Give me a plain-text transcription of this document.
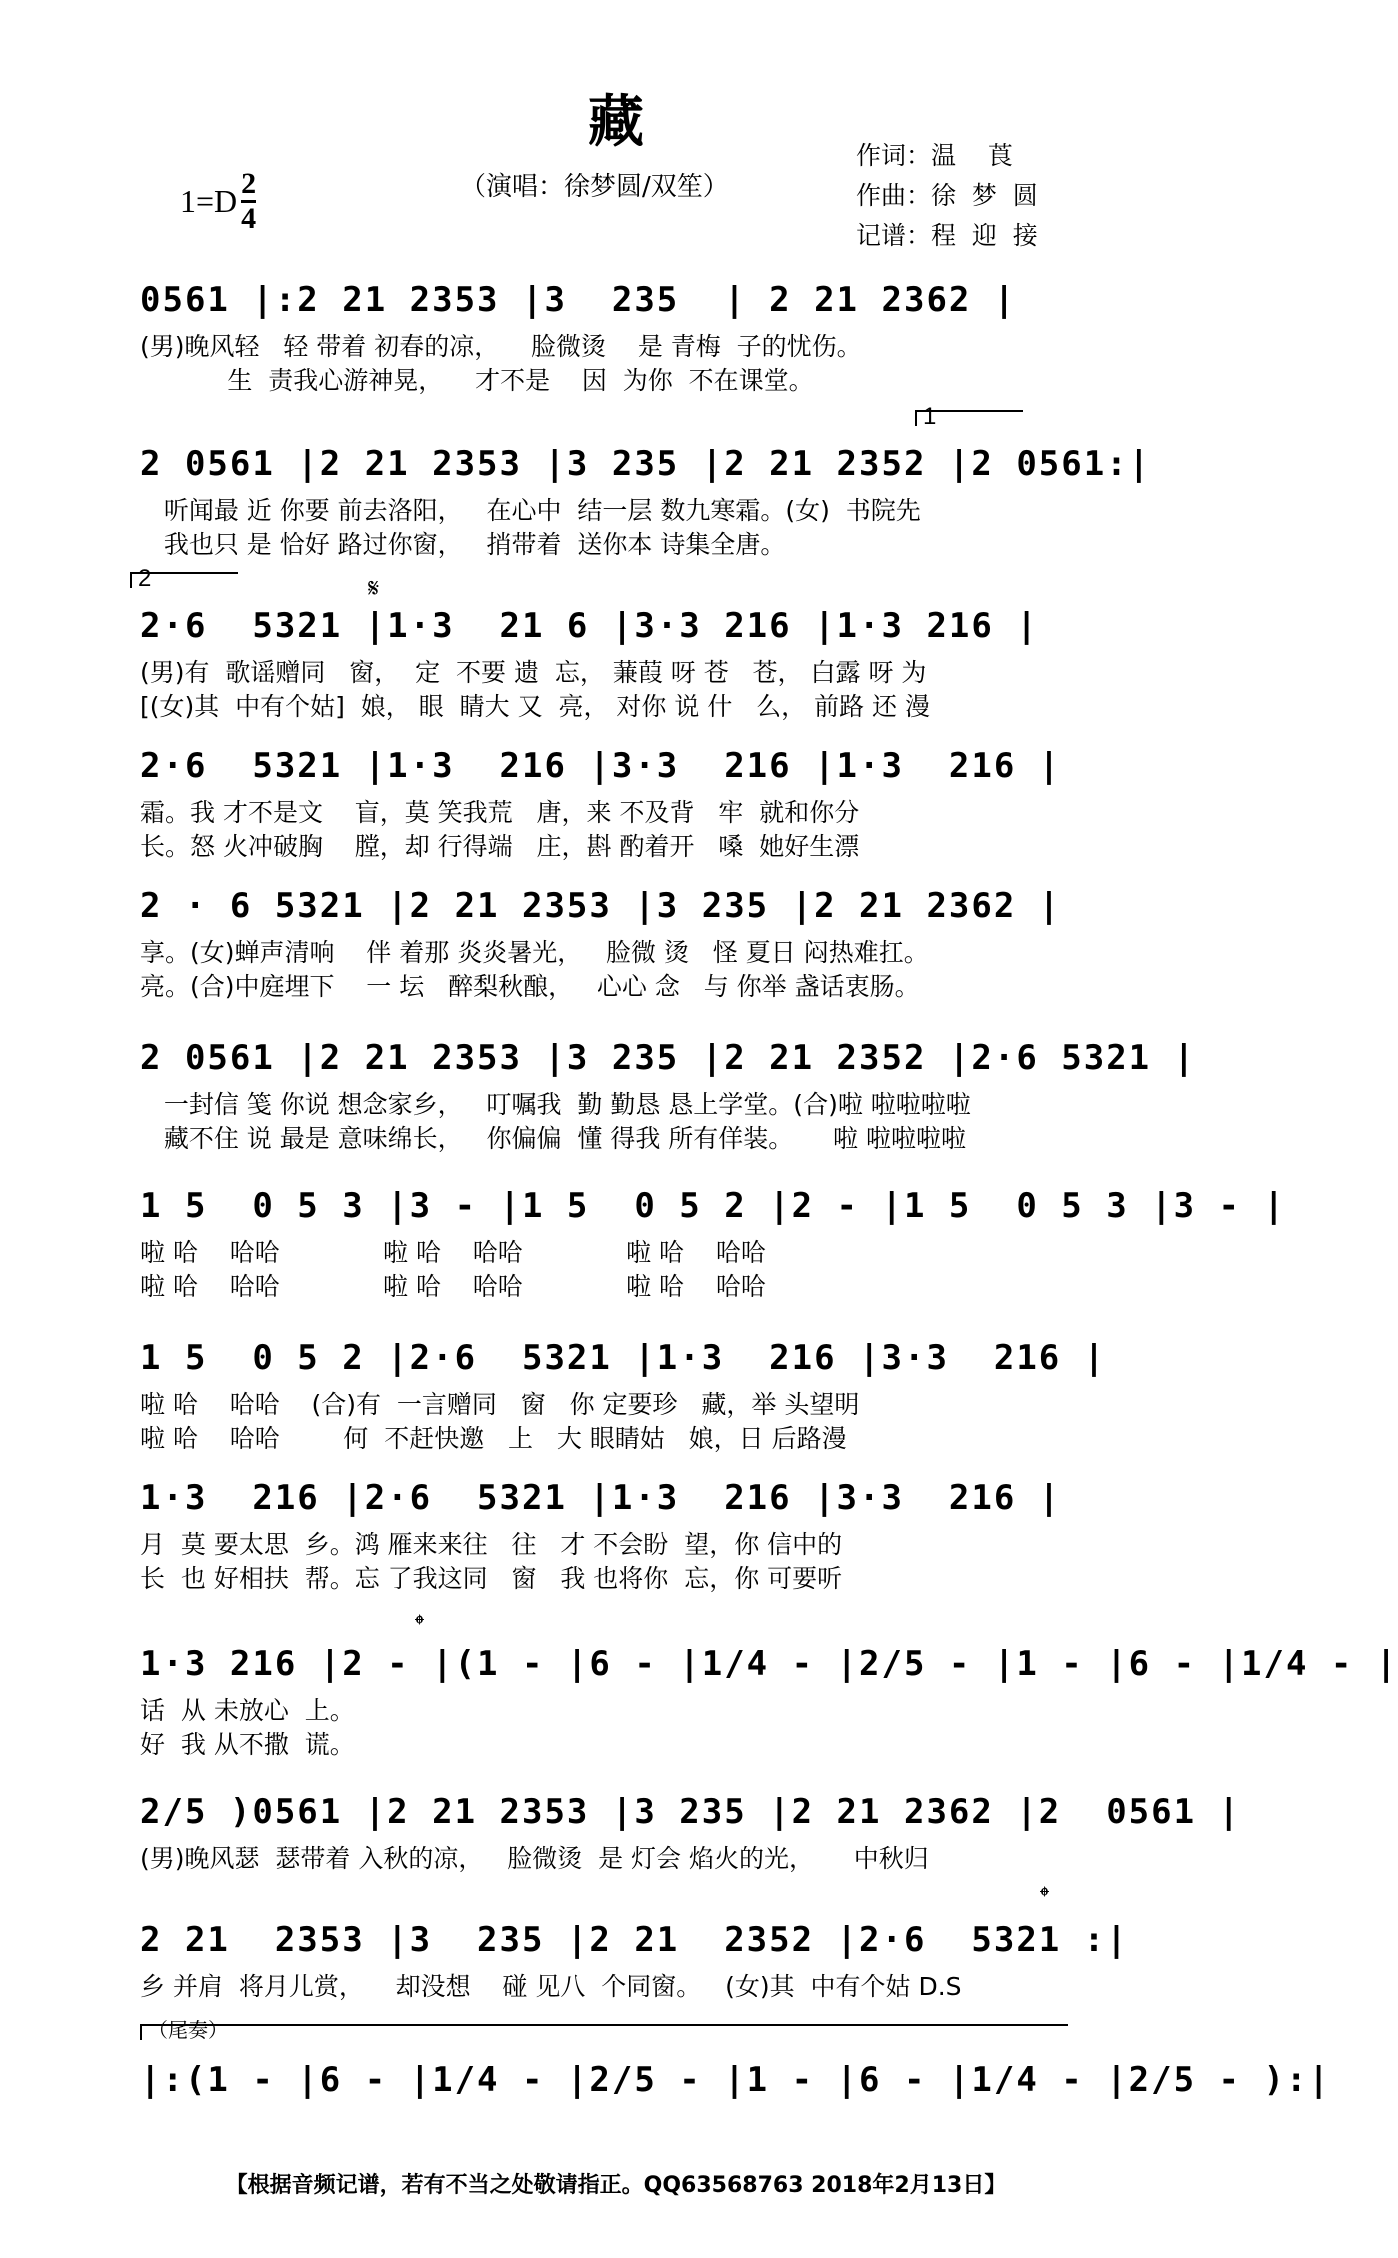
藏
$1=D \frac{2}{4}$	（演唱：徐梦圆/双笙）
作词：温    莨
作曲：徐  梦  圆
记谱：程  迎  接
0561 |:2 21 2353 |3  235  | 2 21 2362 |
(男)晚风轻   轻 带着 初春的凉，    脸微烫    是 青梅  子的忧伤。
生  责我心游神晃，    才不是    因  为你  不在课堂。
1
2 0561 |2 21 2353 |3 235 |2 21 2352 |2 0561:|
听闻最 近 你要 前去洛阳，   在心中  结一层 数九寒霜。(女)  书院先
我也只 是 恰好 路过你窗，   捎带着  送你本 诗集全唐。
2	𝄋
2·6  5321 |1·3  21 6 |3·3 216 |1·3 216 |
(男)有  歌谣赠同   窗，  定  不要 遗  忘， 蒹葭 呀 苍   苍， 白露 呀 为
[(女)其  中有个姑]  娘， 眼  睛大 又  亮， 对你 说 什   么， 前路 还 漫
2·6  5321 |1·3  216 |3·3  216 |1·3  216 |
霜。我 才不是文    盲，莫 笑我荒   唐，来 不及背   牢  就和你分
长。怒 火冲破胸    膛，却 行得端   庄，斟 酌着开   嗓  她好生漂
2 · 6 5321 |2 21 2353 |3 235 |2 21 2362 |
享。(女)蝉声清响    伴 着那 炎炎暑光，   脸微 烫   怪 夏日 闷热难扛。
亮。(合)中庭埋下    一 坛   醉梨秋酿，   心心 念   与 你举 盏话衷肠。
2 0561 |2 21 2353 |3 235 |2 21 2352 |2·6 5321 |
一封信 笺 你说 想念家乡，   叮嘱我  勤 勤恳 恳上学堂。(合)啦 啦啦啦啦
藏不住 说 最是 意味绵长，   你偏偏  懂 得我 所有佯装。     啦 啦啦啦啦
1 5  0 5 3 |3 - |1 5  0 5 2 |2 - |1 5  0 5 3 |3 - |
啦 哈    哈哈             啦 哈    哈哈             啦 哈    哈哈
啦 哈    哈哈             啦 哈    哈哈             啦 哈    哈哈
1 5  0 5 2 |2·6  5321 |1·3  216 |3·3  216 |
啦 哈    哈哈    (合)有  一言赠同   窗   你 定要珍   藏，举 头望明
啦 哈    哈哈        何  不赶快邀   上   大 眼睛姑   娘，日 后路漫
1·3  216 |2·6  5321 |1·3  216 |3·3  216 |
月  莫 要太思  乡。鸿 雁来来往   往   才 不会盼  望，你 信中的
长  也 好相扶  帮。忘 了我这同   窗   我 也将你  忘，你 可要听
𝄌
1·3 216 |2 - |(1 - |6 - |1/4 - |2/5 - |1 - |6 - |1/4 - |
话  从 未放心  上。
好  我 从不撒  谎。
2/5 )0561 |2 21 2353 |3 235 |2 21 2362 |2  0561 |
(男)晚风瑟  瑟带着 入秋的凉，   脸微烫  是 灯会 焰火的光，     中秋归
𝄌
2 21  2353 |3  235 |2 21  2352 |2·6  5321 :|
乡 并肩  将月儿赏，    却没想    碰 见八  个同窗。   (女)其  中有个姑 D.S
（尾奏）
|:(1 - |6 - |1/4 - |2/5 - |1 - |6 - |1/4 - |2/5 - ):|
【根据音频记谱，若有不当之处敬请指正。QQ63568763 2018年2月13日】
